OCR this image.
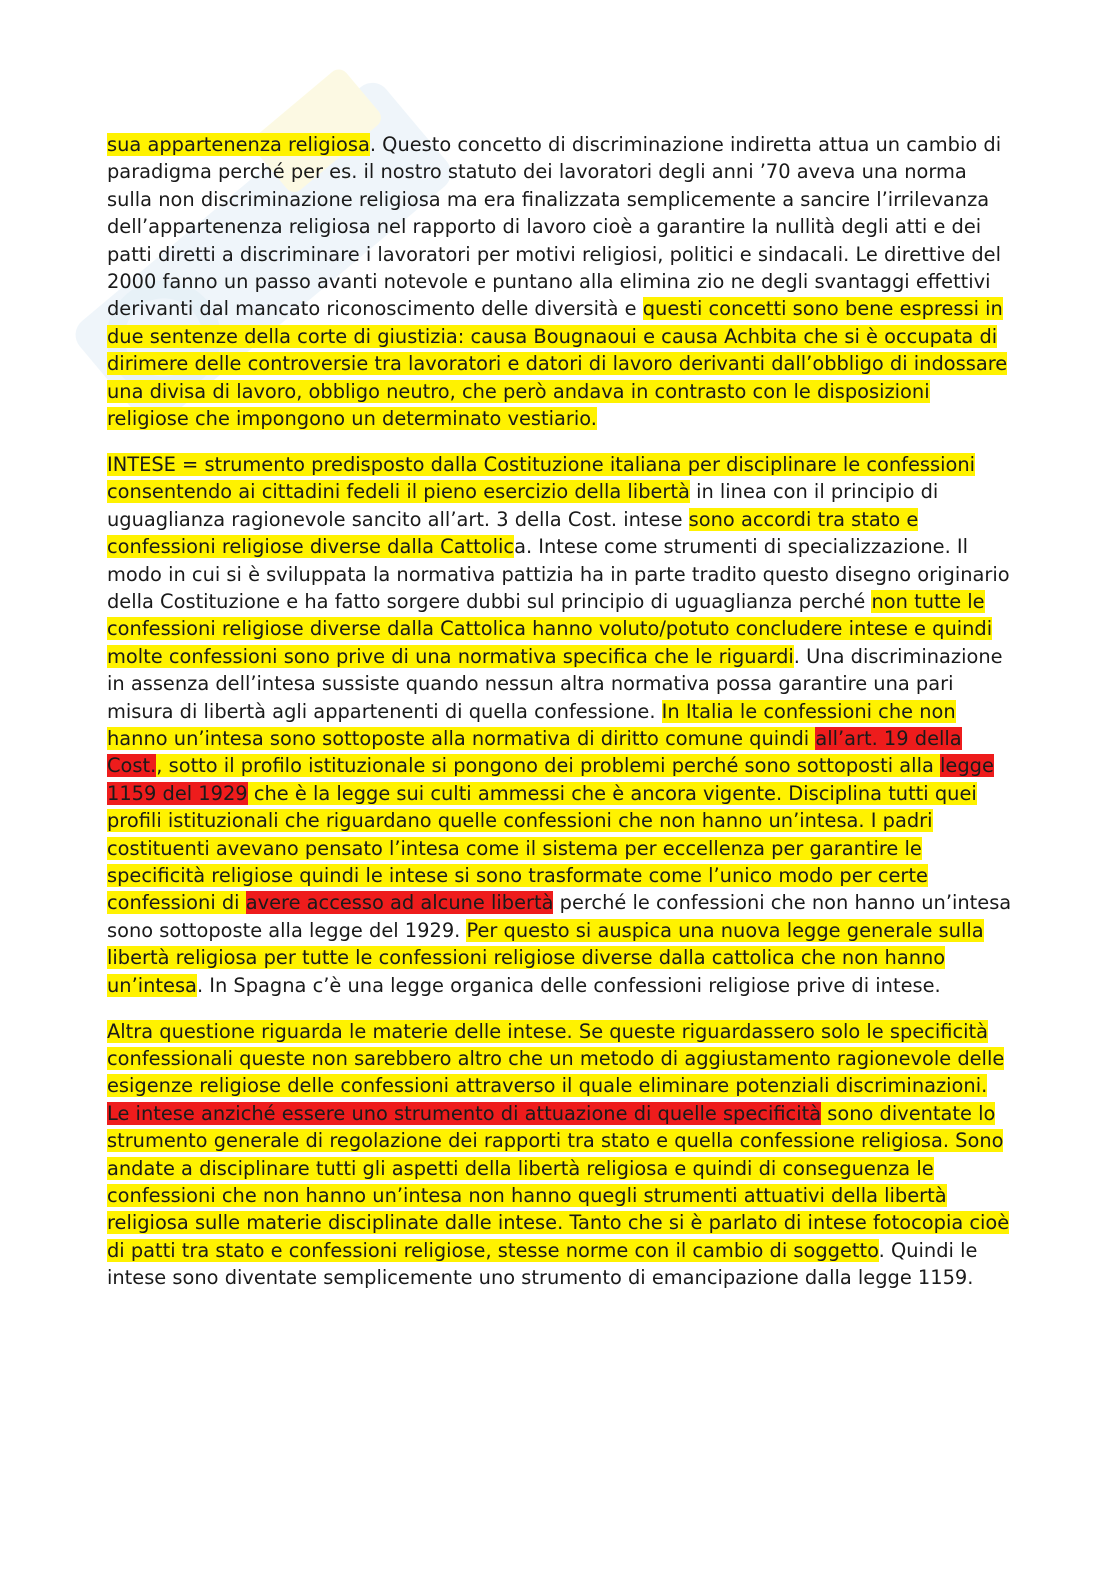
sua appartenenza religiosa. Questo concetto di discriminazione indiretta attua un cambio di paradigma perché per es. il nostro statuto dei lavoratori degli anni ’70 aveva una norma sulla non discriminazione religiosa ma era finalizzata semplicemente a sancire l’irrilevanza dell’appartenenza religiosa nel rapporto di lavoro cioè a garantire la nullità degli atti e dei patti diretti a discriminare i lavoratori per motivi religiosi, politici e sindacali. Le direttive del 2000 fanno un passo avanti notevole e puntano alla elimina zio ne degli svantaggi effettivi derivanti dal mancato riconoscimento delle diversità e questi concetti sono bene espressi in due sentenze della corte di giustizia: causa Bougnaoui e causa Achbita che si è occupata di dirimere delle controversie tra lavoratori e datori di lavoro derivanti dall’obbligo di indossare una divisa di lavoro, obbligo neutro, che però andava in contrasto con le disposizioni religiose che impongono un determinato vestiario.

INTESE = strumento predisposto dalla Costituzione italiana per disciplinare le confessioni consentendo ai cittadini fedeli il pieno esercizio della libertà in linea con il principio di uguaglianza ragionevole sancito all’art. 3 della Cost. intese sono accordi tra stato e confessioni religiose diverse dalla Cattolica. Intese come strumenti di specializzazione. Il modo in cui si è sviluppata la normativa pattizia ha in parte tradito questo disegno originario della Costituzione e ha fatto sorgere dubbi sul principio di uguaglianza perché non tutte le confessioni religiose diverse dalla Cattolica hanno voluto/potuto concludere intese e quindi molte confessioni sono prive di una normativa specifica che le riguardi. Una discriminazione in assenza dell’intesa sussiste quando nessun altra normativa possa garantire una pari misura di libertà agli appartenenti di quella confessione. In Italia le confessioni che non hanno un’intesa sono sottoposte alla normativa di diritto comune quindi all’art. 19 della Cost., sotto il profilo istituzionale si pongono dei problemi perché sono sottoposti alla legge 1159 del 1929 che è la legge sui culti ammessi che è ancora vigente. Disciplina tutti quei profili istituzionali che riguardano quelle confessioni che non hanno un’intesa. I padri costituenti avevano pensato l’intesa come il sistema per eccellenza per garantire le specificità religiose quindi le intese si sono trasformate come l’unico modo per certe confessioni di avere accesso ad alcune libertà perché le confessioni che non hanno un’intesa sono sottoposte alla legge del 1929. Per questo si auspica una nuova legge generale sulla libertà religiosa per tutte le confessioni religiose diverse dalla cattolica che non hanno un’intesa. In Spagna c’è una legge organica delle confessioni religiose prive di intese.

Altra questione riguarda le materie delle intese. Se queste riguardassero solo le specificità confessionali queste non sarebbero altro che un metodo di aggiustamento ragionevole delle esigenze religiose delle confessioni attraverso il quale eliminare potenziali discriminazioni. Le intese anziché essere uno strumento di attuazione di quelle specificità sono diventate lo strumento generale di regolazione dei rapporti tra stato e quella confessione religiosa. Sono andate a disciplinare tutti gli aspetti della libertà religiosa e quindi di conseguenza le confessioni che non hanno un’intesa non hanno quegli strumenti attuativi della libertà religiosa sulle materie disciplinate dalle intese. Tanto che si è parlato di intese fotocopia cioè di patti tra stato e confessioni religiose, stesse norme con il cambio di soggetto. Quindi le intese sono diventate semplicemente uno strumento di emancipazione dalla legge 1159.
